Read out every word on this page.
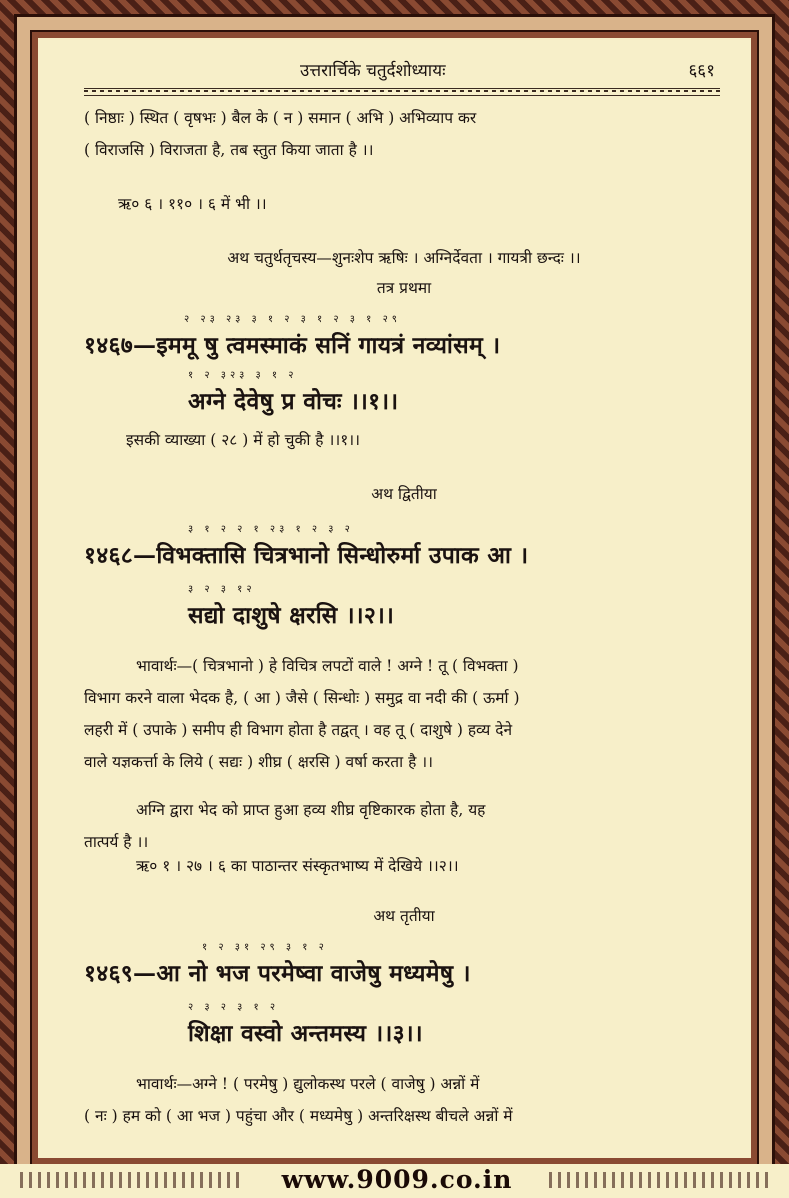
उत्तरार्चिके चतुर्दशोध्यायः	६६१
( निष्ठाः ) स्थित ( वृषभः ) बैल के ( न ) समान ( अभि ) अभिव्याप कर
( विराजसि ) विराजता है, तब स्तुत किया जाता है ।।
ऋ० ६ । ११० । ६ में भी ।।
अथ चतुर्थतृचस्य—शुनःशेप ऋषिः । अग्निर्देवता । गायत्री छन्दः ।।
तत्र प्रथमा
२ २३ २३ ३ १ २ ३ १ २ ३ १ २९
१४६७—इममू षु त्वमस्माकं सनिं गायत्रं नव्यांसम् ।
१ २ ३२३ ३ १ २
अग्ने देवेषु प्र वोचः ।।१।।
इसकी व्याख्या ( २८ ) में हो चुकी है ।।१।।
अथ द्वितीया
३ १ २ २ १ २३ १ २ ३ २
१४६८—विभक्तासि चित्रभानो सिन्धोरुर्मा उपाक आ ।
३ २ ३ १२
सद्यो दाशुषे क्षरसि ।।२।।
भावार्थः—( चित्रभानो ) हे विचित्र लपटों वाले ! अग्ने ! तू ( विभक्ता )
विभाग करने वाला भेदक है, ( आ ) जैसे ( सिन्धोः ) समुद्र वा नदी की ( ऊर्मा )
लहरी में ( उपाके ) समीप ही विभाग होता है तद्वत् । वह तू ( दाशुषे ) हव्य देने
वाले यज्ञकर्त्ता के लिये ( सद्यः ) शीघ्र ( क्षरसि ) वर्षा करता है ।।
अग्नि द्वारा भेद को प्राप्त हुआ हव्य शीघ्र वृष्टिकारक होता है, यह
तात्पर्य है ।।
ऋ० १ । २७ । ६ का पाठान्तर संस्कृतभाष्य में देखिये ।।२।।
अथ तृतीया
१ २ ३१ २९ ३ १ २
१४६९—आ नो भज परमेष्वा वाजेषु मध्यमेषु ।
२ ३ २ ३ १ २
शिक्षा वस्वो अन्तमस्य ।।३।।
भावार्थः—अग्ने ! ( परमेषु ) द्युलोकस्थ परले ( वाजेषु ) अन्नों में
( नः ) हम को ( आ भज ) पहुंचा और ( मध्यमेषु ) अन्तरिक्षस्थ बीचले अन्नों में
www.9009.co.in
